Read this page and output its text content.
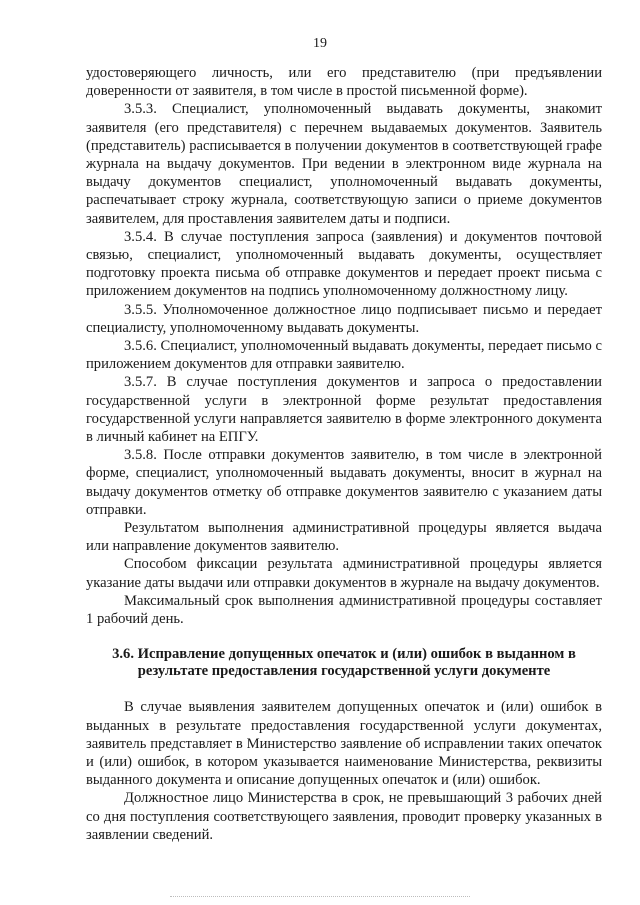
19

удостоверяющего личность, или его представителю (при предъявлении доверенности от заявителя, в том числе в простой письменной форме).

3.5.3. Специалист, уполномоченный выдавать документы, знакомит заявителя (его представителя) с перечнем выдаваемых документов. Заявитель (представитель) расписывается в получении документов в соответствующей графе журнала на выдачу документов. При ведении в электронном виде журнала на выдачу документов специалист, уполномоченный выдавать документы, распечатывает строку журнала, соответствующую записи о приеме документов заявителем, для проставления заявителем даты и подписи.

3.5.4. В случае поступления запроса (заявления) и документов почтовой связью, специалист, уполномоченный выдавать документы, осуществляет подготовку проекта письма об отправке документов и передает проект письма с приложением документов на подпись уполномоченному должностному лицу.

3.5.5. Уполномоченное должностное лицо подписывает письмо и передает специалисту, уполномоченному выдавать документы.

3.5.6. Специалист, уполномоченный выдавать документы, передает письмо с приложением документов для отправки заявителю.

3.5.7. В случае поступления документов и запроса о предоставлении государственной услуги в электронной форме результат предоставления государственной услуги направляется заявителю в форме электронного документа в личный кабинет на ЕПГУ.

3.5.8. После отправки документов заявителю, в том числе в электронной форме, специалист, уполномоченный выдавать документы, вносит в журнал на выдачу документов отметку об отправке документов заявителю с указанием даты отправки.

Результатом выполнения административной процедуры является выдача или направление документов заявителю.

Способом фиксации результата административной процедуры является указание даты выдачи или отправки документов в журнале на выдачу документов.

Максимальный срок выполнения административной процедуры составляет 1 рабочий день.

3.6. Исправление допущенных опечаток и (или) ошибок в выданном в результате предоставления государственной услуги документе

В случае выявления заявителем допущенных опечаток и (или) ошибок в выданных в результате предоставления государственной услуги документах, заявитель представляет в Министерство заявление об исправлении таких опечаток и (или) ошибок, в котором указывается наименование Министерства, реквизиты выданного документа и описание допущенных опечаток и (или) ошибок.

Должностное лицо Министерства в срок, не превышающий 3 рабочих дней со дня поступления соответствующего заявления, проводит проверку указанных в заявлении сведений.
